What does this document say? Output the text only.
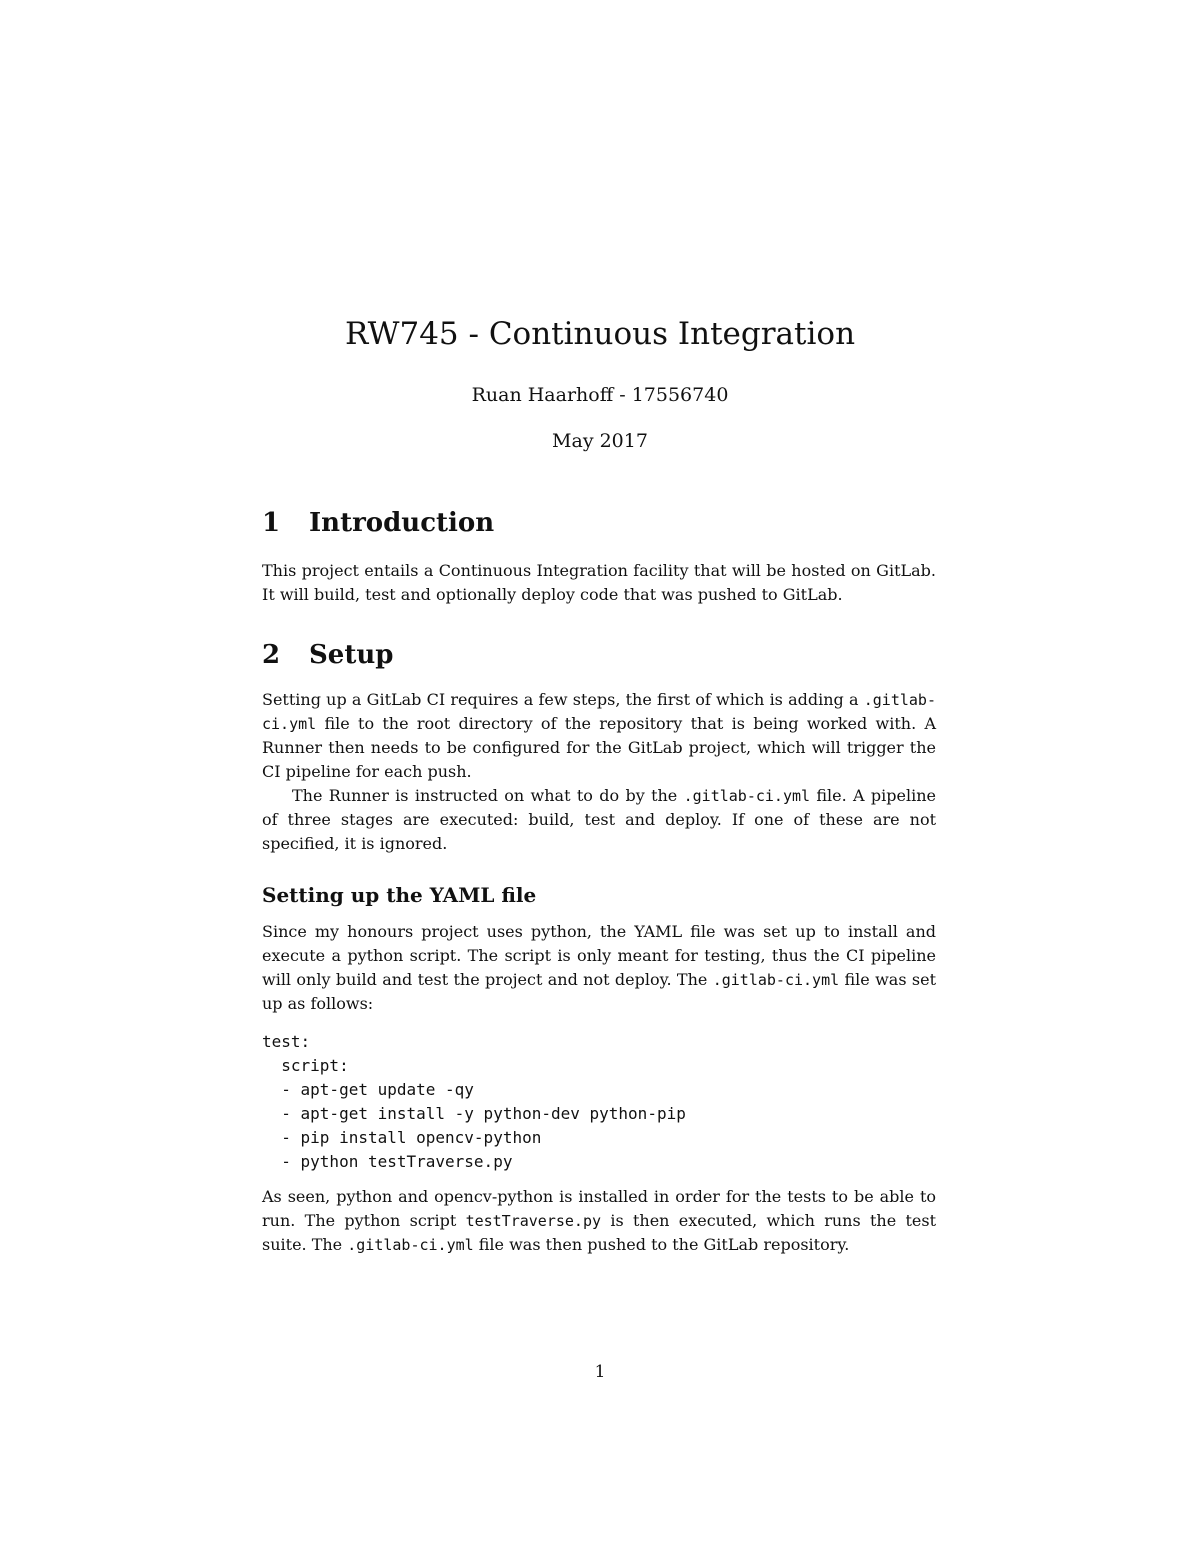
RW745 - Continuous Integration
Ruan Haarhoff - 17556740
May 2017
1 Introduction
This project entails a Continuous Integration facility that will be hosted on GitLab. It will build, test and optionally deploy code that was pushed to GitLab.
2 Setup
Setting up a GitLab CI requires a few steps, the first of which is adding a .gitlab-ci.yml file to the root directory of the repository that is being worked with. A Runner then needs to be configured for the GitLab project, which will trigger the CI pipeline for each push.
The Runner is instructed on what to do by the .gitlab-ci.yml file. A pipeline of three stages are executed: build, test and deploy. If one of these are not specified, it is ignored.
Setting up the YAML file
Since my honours project uses python, the YAML file was set up to install and execute a python script. The script is only meant for testing, thus the CI pipeline will only build and test the project and not deploy. The .gitlab-ci.yml file was set up as follows:
test:
script:
- apt-get update -qy
- apt-get install -y python-dev python-pip
- pip install opencv-python
- python testTraverse.py
As seen, python and opencv-python is installed in order for the tests to be able to run. The python script testTraverse.py is then executed, which runs the test suite. The .gitlab-ci.yml file was then pushed to the GitLab repository.
1
